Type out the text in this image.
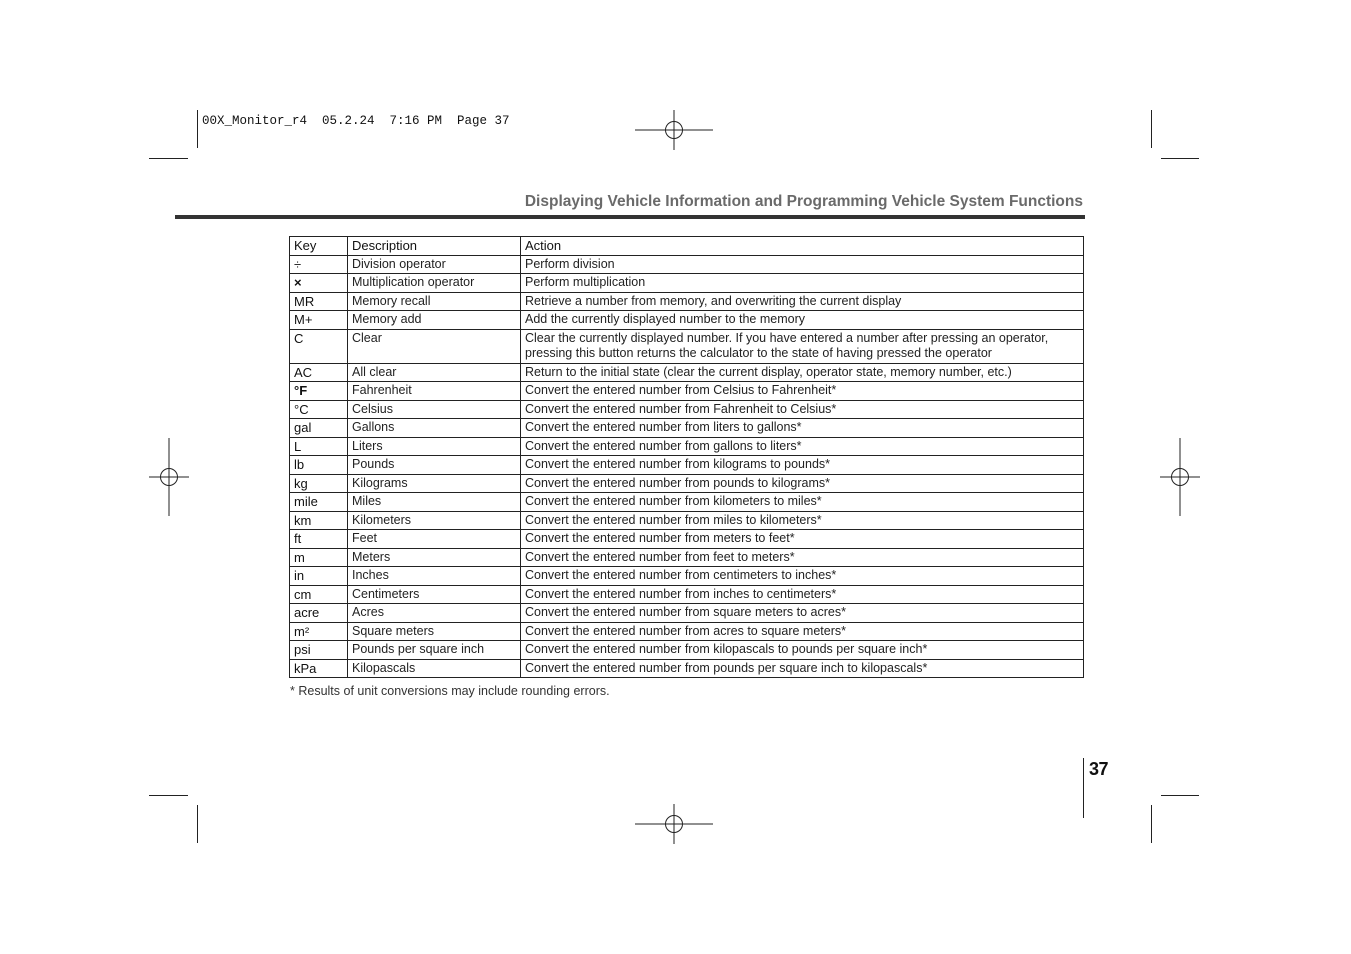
00X_Monitor_r4  05.2.24  7:16 PM  Page 37
Displaying Vehicle Information and Programming Vehicle System Functions
Key	Description	Action
÷	Division operator	Perform division
×	Multiplication operator	Perform multiplication
MR	Memory recall	Retrieve a number from memory, and overwriting the current display
M+	Memory add	Add the currently displayed number to the memory
C	Clear	Clear the currently displayed number. If you have entered a number after pressing an operator, pressing this button returns the calculator to the state of having pressed the operator
AC	All clear	Return to the initial state (clear the current display, operator state, memory number, etc.)
°F	Fahrenheit	Convert the entered number from Celsius to Fahrenheit*
°C	Celsius	Convert the entered number from Fahrenheit to Celsius*
gal	Gallons	Convert the entered number from liters to gallons*
L	Liters	Convert the entered number from gallons to liters*
lb	Pounds	Convert the entered number from kilograms to pounds*
kg	Kilograms	Convert the entered number from pounds to kilograms*
mile	Miles	Convert the entered number from kilometers to miles*
km	Kilometers	Convert the entered number from miles to kilometers*
ft	Feet	Convert the entered number from meters to feet*
m	Meters	Convert the entered number from feet to meters*
in	Inches	Convert the entered number from centimeters to inches*
cm	Centimeters	Convert the entered number from inches to centimeters*
acre	Acres	Convert the entered number from square meters to acres*
m²	Square meters	Convert the entered number from acres to square meters*
psi	Pounds per square inch	Convert the entered number from kilopascals to pounds per square inch*
kPa	Kilopascals	Convert the entered number from pounds per square inch to kilopascals*
* Results of unit conversions may include rounding errors.
37
